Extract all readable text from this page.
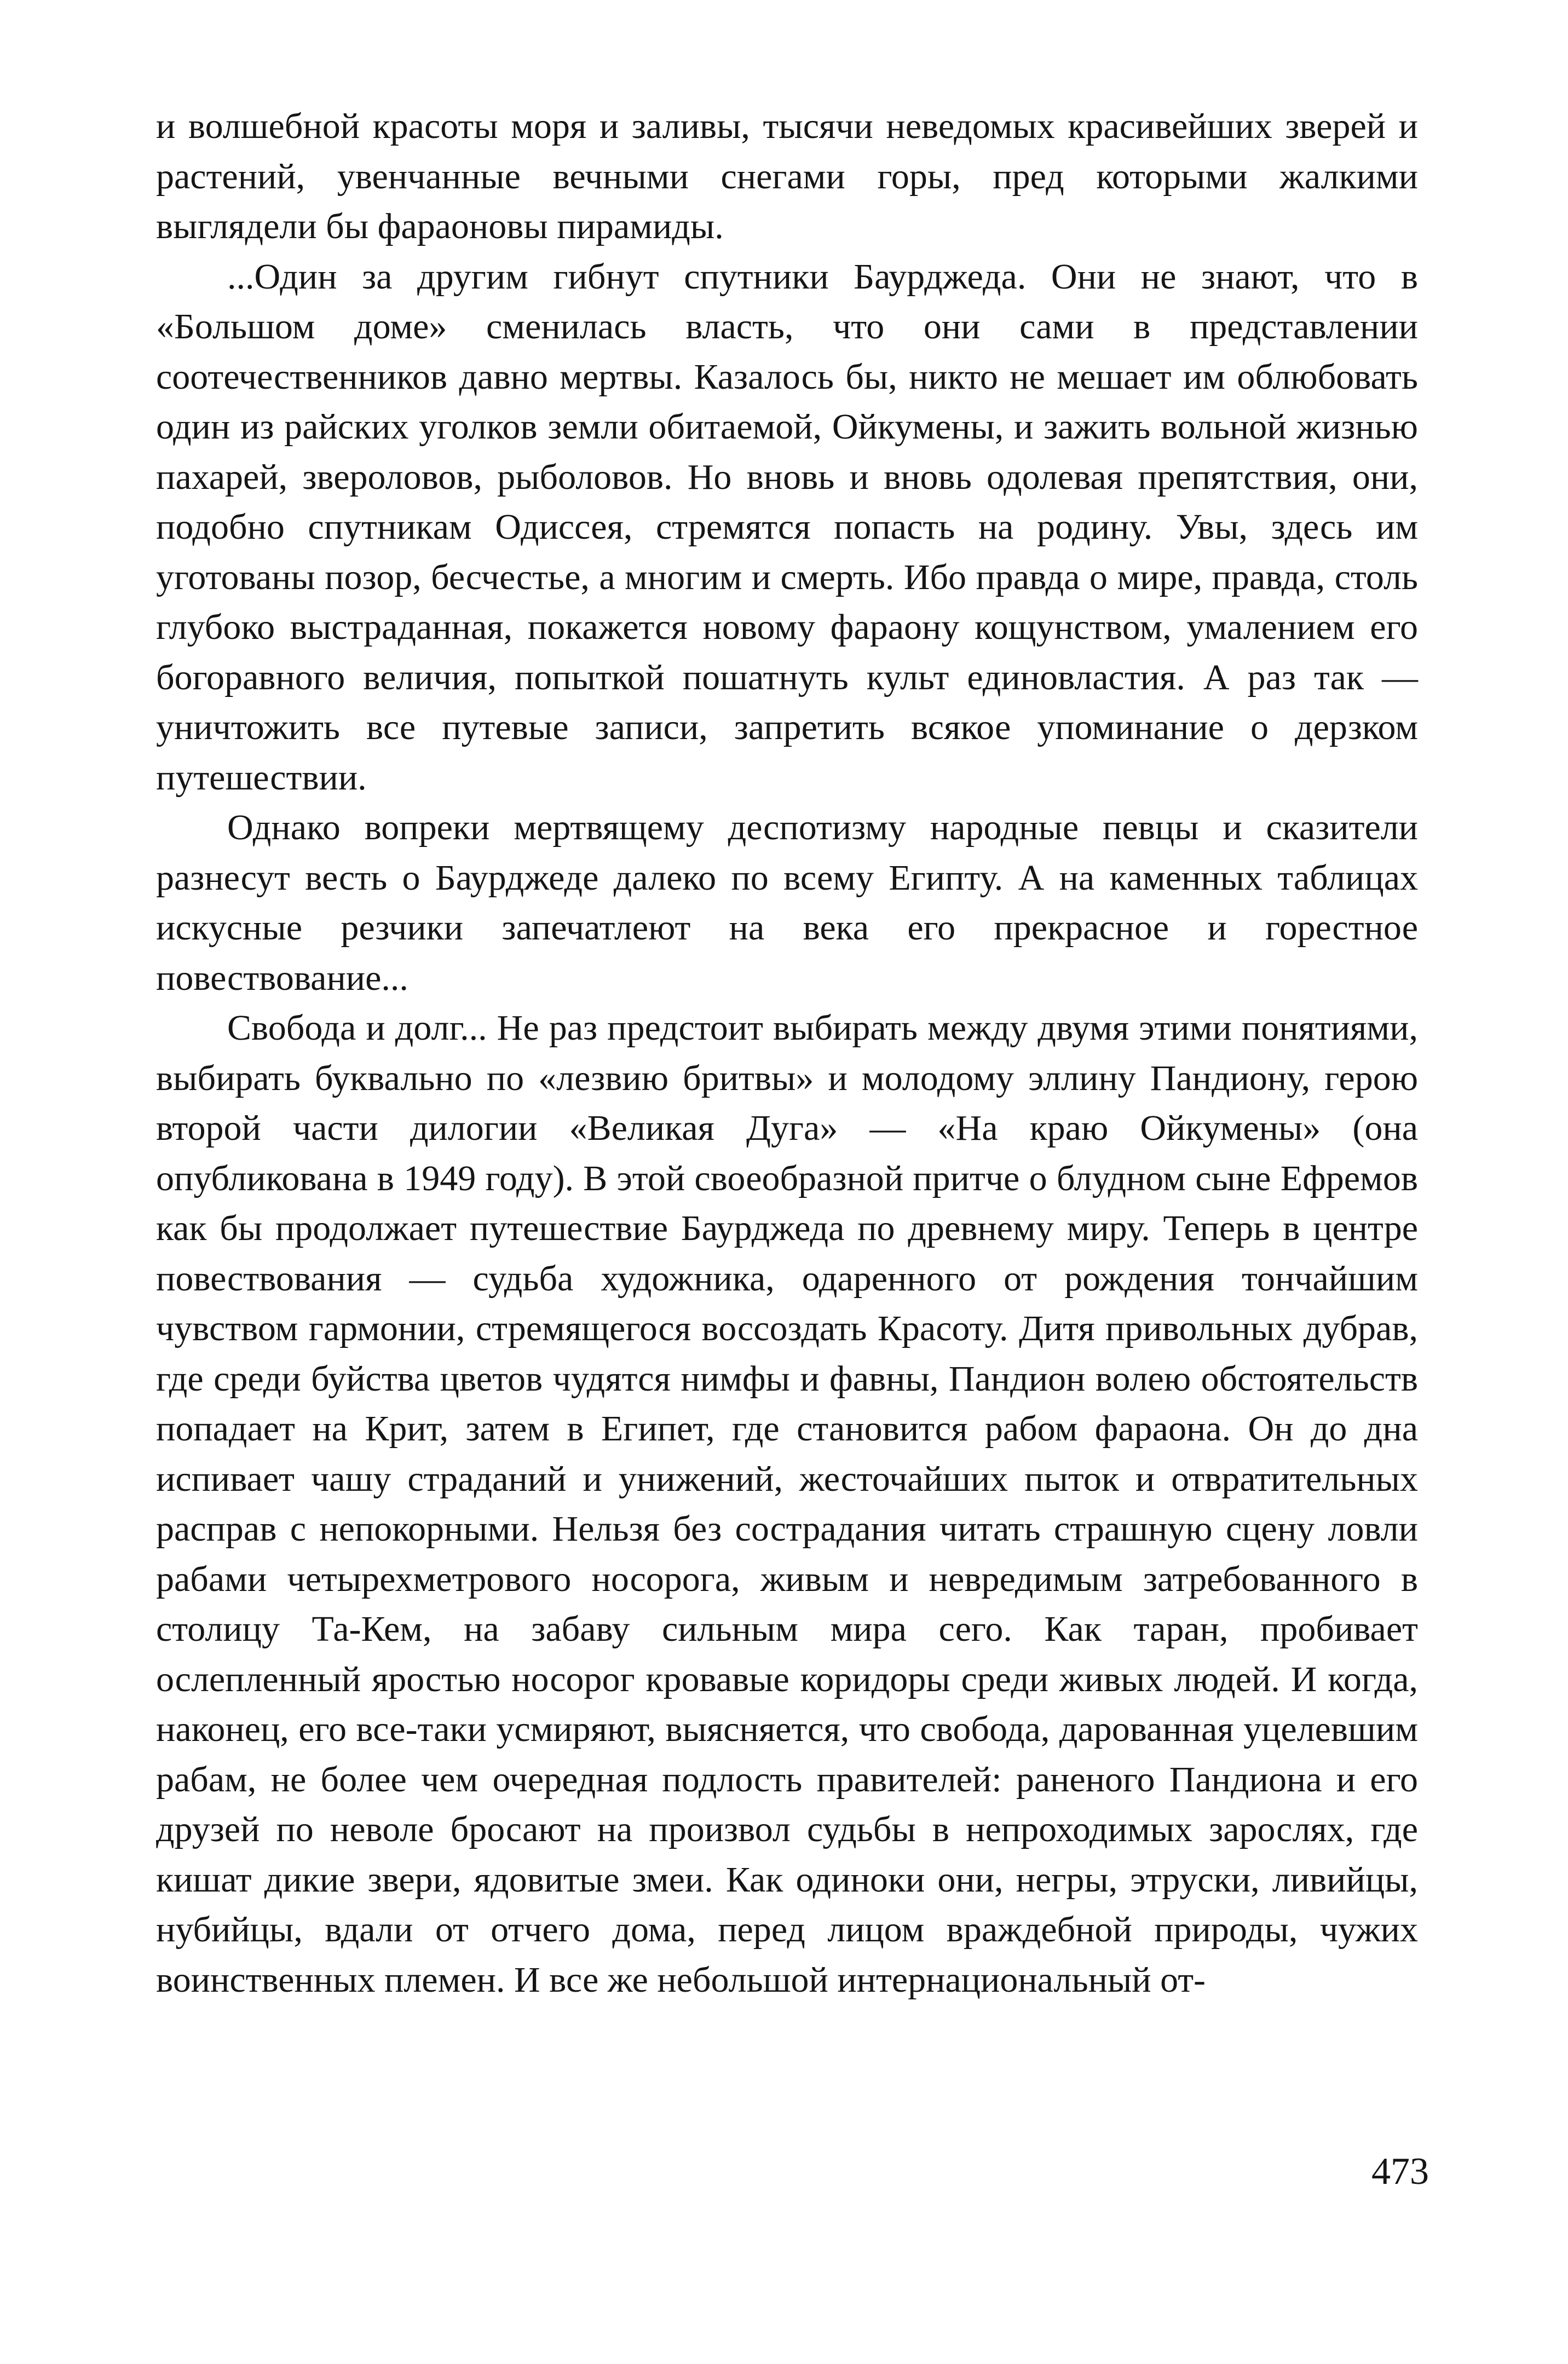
и волшебной красоты моря и заливы, тысячи неведомых красивейших зверей и растений, увенчанные вечными снегами горы, пред которыми жалкими выглядели бы фараоновы пирамиды.

...Один за другим гибнут спутники Баурджеда. Они не знают, что в «Большом доме» сменилась власть, что они сами в представлении соотечественников давно мертвы. Казалось бы, никто не мешает им облюбовать один из райских уголков земли обитаемой, Ойкумены, и зажить вольной жизнью пахарей, звероловов, рыболовов. Но вновь и вновь одолевая препятствия, они, подобно спутникам Одиссея, стремятся попасть на родину. Увы, здесь им уготованы позор, бесчестье, а многим и смерть. Ибо правда о мире, правда, столь глубоко выстраданная, покажется новому фараону кощунством, умалением его богоравного величия, попыткой пошатнуть культ единовластия. А раз так — уничтожить все путевые записи, запретить всякое упоминание о дерзком путешествии.

Однако вопреки мертвящему деспотизму народные певцы и сказители разнесут весть о Баурджеде далеко по всему Египту. А на каменных таблицах искусные резчики запечатлеют на века его прекрасное и горестное повествование...

Свобода и долг... Не раз предстоит выбирать между двумя этими понятиями, выбирать буквально по «лезвию бритвы» и молодому эллину Пандиону, герою второй части дилогии «Великая Дуга» — «На краю Ойкумены» (она опубликована в 1949 году). В этой своеобразной притче о блудном сыне Ефремов как бы продолжает путешествие Баурджеда по древнему миру. Теперь в центре повествования — судьба художника, одаренного от рождения тончайшим чувством гармонии, стремящегося воссоздать Красоту. Дитя привольных дубрав, где среди буйства цветов чудятся нимфы и фавны, Пандион волею обстоятельств попадает на Крит, затем в Египет, где становится рабом фараона. Он до дна испивает чашу страданий и унижений, жесточайших пыток и отвратительных расправ с непокорными. Нельзя без сострадания читать страшную сцену ловли рабами четырехметрового носорога, живым и невредимым затребованного в столицу Та-Кем, на забаву сильным мира сего. Как таран, пробивает ослепленный яростью носорог кровавые коридоры среди живых людей. И когда, наконец, его все-таки усмиряют, выясняется, что свобода, дарованная уцелевшим рабам, не более чем очередная подлость правителей: раненого Пандиона и его друзей по неволе бросают на произвол судьбы в непроходимых зарослях, где кишат дикие звери, ядовитые змеи. Как одиноки они, негры, этруски, ливийцы, нубийцы, вдали от отчего дома, перед лицом враждебной природы, чужих воинственных племен. И все же небольшой интернациональный от-

473
